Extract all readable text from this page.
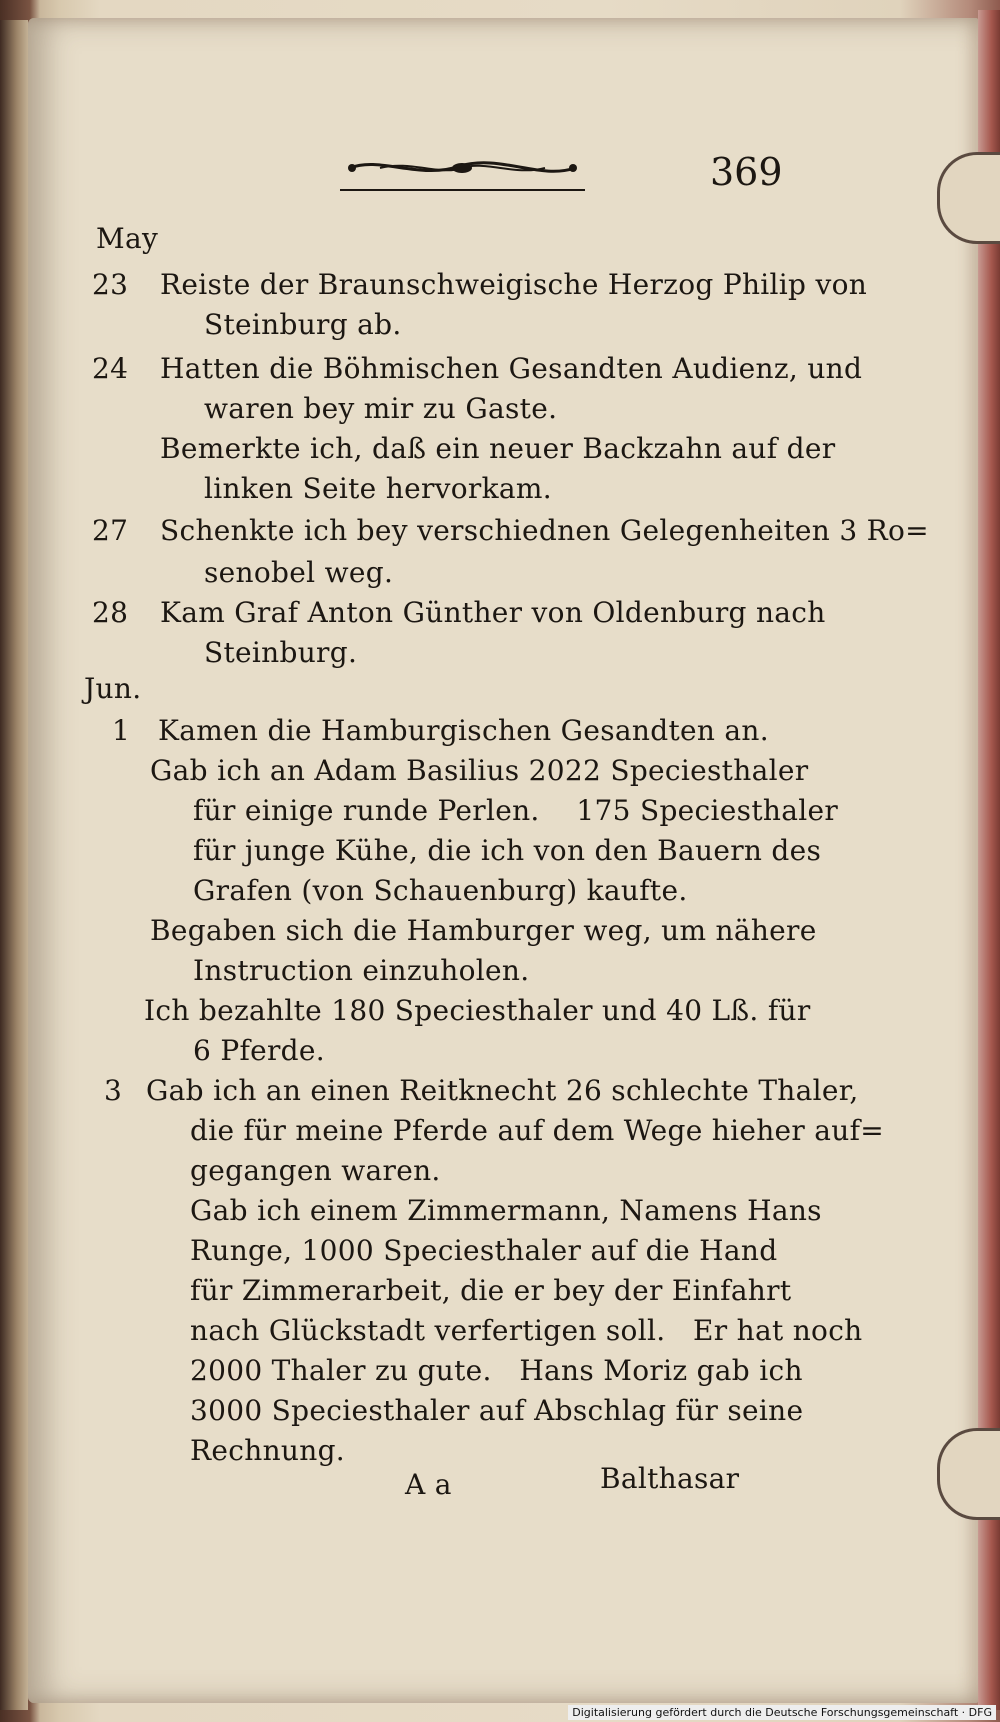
369
May
23 Reiste der Braunschweigische Herzog Philip von
Steinburg ab.
24 Hatten die Böhmischen Gesandten Audienz, und
waren bey mir zu Gaste.
Bemerkte ich, daß ein neuer Backzahn auf der
linken Seite hervorkam.
27 Schenkte ich bey verschiednen Gelegenheiten 3 Ro=
senobel weg.
28 Kam Graf Anton Günther von Oldenburg nach
Steinburg.
Jun.
1 Kamen die Hamburgischen Gesandten an.
Gab ich an Adam Basilius 2022 Speciesthaler
für einige runde Perlen.    175 Speciesthaler
für junge Kühe, die ich von den Bauern des
Grafen (von Schauenburg) kaufte.
Begaben sich die Hamburger weg, um nähere
Instruction einzuholen.
Ich bezahlte 180 Speciesthaler und 40 Lß. für
6 Pferde.
3 Gab ich an einen Reitknecht 26 schlechte Thaler,
die für meine Pferde auf dem Wege hieher auf=
gegangen waren.
Gab ich einem Zimmermann, Namens Hans
Runge, 1000 Speciesthaler auf die Hand
für Zimmerarbeit, die er bey der Einfahrt
nach Glückstadt verfertigen soll.   Er hat noch
2000 Thaler zu gute.   Hans Moriz gab ich
3000 Speciesthaler auf Abschlag für seine
Rechnung.
A a	Balthasar
Digitalisierung gefördert durch die Deutsche Forschungsgemeinschaft · DFG
